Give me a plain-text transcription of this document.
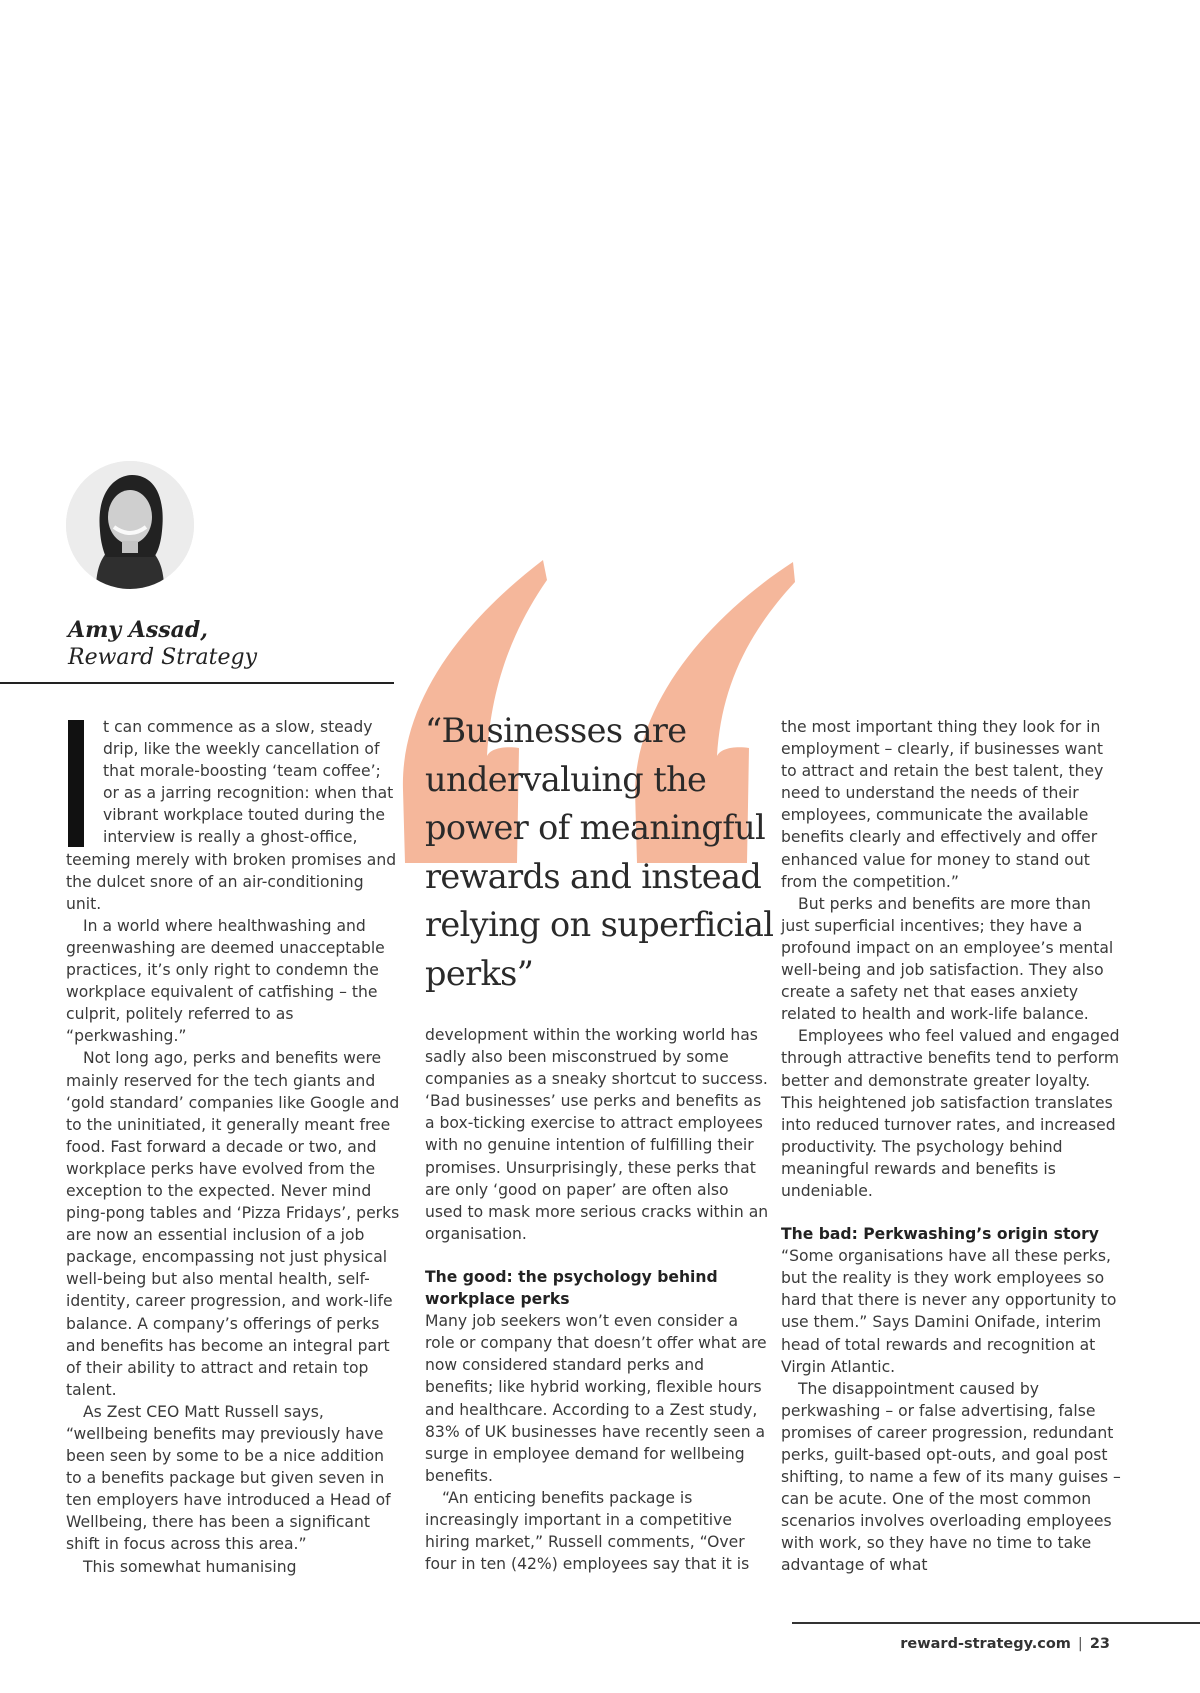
Amy Assad,
Reward Strategy
“Businesses are undervaluing the power of meaningful rewards and instead relying on superficial perks”

t can commence as a slow, steady drip, like the weekly cancellation of that morale-boosting ‘team coffee’; or as a jarring recognition: when that vibrant workplace touted during the interview is really a ghost-office, teeming merely with broken promises and the dulcet snore of an air-conditioning unit.

In a world where healthwashing and greenwashing are deemed unacceptable practices, it’s only right to condemn the workplace equivalent of catfishing – the culprit, politely referred to as “perkwashing.”

Not long ago, perks and benefits were mainly reserved for the tech giants and ‘gold standard’ companies like Google and to the uninitiated, it generally meant free food. Fast forward a decade or two, and workplace perks have evolved from the exception to the expected. Never mind ping-pong tables and ‘Pizza Fridays’, perks are now an essential inclusion of a job package, encompassing not just physical well-being but also mental health, self-identity, career progression, and work-life balance. A company’s offerings of perks and benefits has become an integral part of their ability to attract and retain top talent.

As Zest CEO Matt Russell says, “wellbeing benefits may previously have been seen by some to be a nice addition to a benefits package but given seven in ten employers have introduced a Head of Wellbeing, there has been a significant shift in focus across this area.”

This somewhat humanising

development within the working world has sadly also been misconstrued by some companies as a sneaky shortcut to success. ‘Bad businesses’ use perks and benefits as a box-ticking exercise to attract employees with no genuine intention of fulfilling their promises. Unsurprisingly, these perks that are only ‘good on paper’ are often also used to mask more serious cracks within an organisation.

The good: the psychology behind workplace perks

Many job seekers won’t even consider a role or company that doesn’t offer what are now considered standard perks and benefits; like hybrid working, flexible hours and healthcare. According to a Zest study, 83% of UK businesses have recently seen a surge in employee demand for wellbeing benefits.

“An enticing benefits package is increasingly important in a competitive hiring market,” Russell comments, “Over four in ten (42%) employees say that it is

the most important thing they look for in employment – clearly, if businesses want to attract and retain the best talent, they need to understand the needs of their employees, communicate the available benefits clearly and effectively and offer enhanced value for money to stand out from the competition.”

But perks and benefits are more than just superficial incentives; they have a profound impact on an employee’s mental well-being and job satisfaction. They also create a safety net that eases anxiety related to health and work-life balance.

Employees who feel valued and engaged through attractive benefits tend to perform better and demonstrate greater loyalty. This heightened job satisfaction translates into reduced turnover rates, and increased productivity. The psychology behind meaningful rewards and benefits is undeniable.

The bad: Perkwashing’s origin story

“Some organisations have all these perks, but the reality is they work employees so hard that there is never any opportunity to use them.” Says Damini Onifade, interim head of total rewards and recognition at Virgin Atlantic.

The disappointment caused by perkwashing – or false advertising, false promises of career progression, redundant perks, guilt-based opt-outs, and goal post shifting, to name a few of its many guises – can be acute. One of the most common scenarios involves overloading employees with work, so they have no time to take advantage of what

reward-strategy.com | 23
